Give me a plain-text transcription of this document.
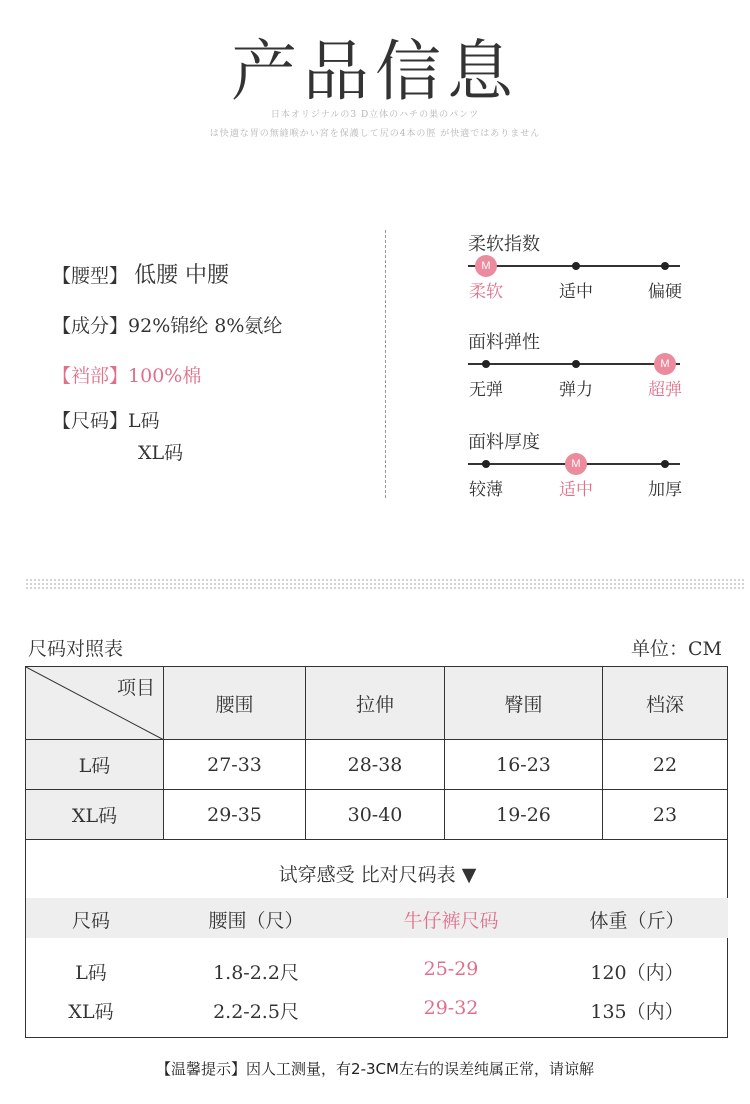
产品信息
日本オリジナルの3 D立体のハチの巣のパンツ
は快適な胃の無縫喉かい宮を保護して尻の4本の脛 が快適ではありません
【腰型】 低腰 中腰
【成分】92%锦纶 8%氨纶
【裆部】100%棉
【尺码】L码
XL码
柔软指数
M
柔软	适中	偏硬
面料弹性
无弹	弹力
M
超弹
面料厚度
较薄
M
适中	加厚
尺码对照表	单位：CM
项目	腰围	拉伸	臀围	档深
L码	27-33	28-38	16-23	22
XL码	29-35	30-40	19-26	23
试穿感受 比对尺码表 ▼
尺码	腰围（尺）	牛仔裤尺码	体重（斤）
L码	1.8-2.2尺	25-29	120（内）
XL码	2.2-2.5尺	29-32	135（内）
【温馨提示】因人工测量，有2-3CM左右的误差纯属正常，请谅解
